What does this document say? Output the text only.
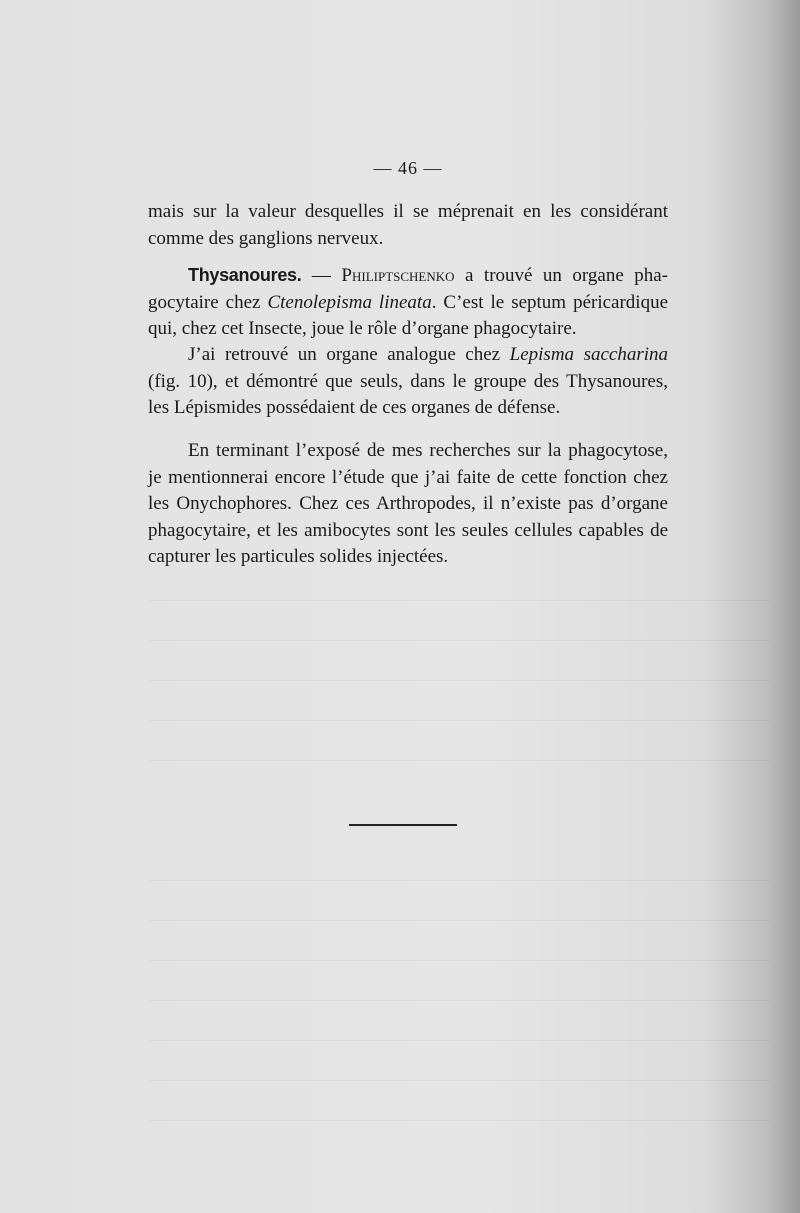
— 46 —
mais sur la valeur desquelles il se méprenait en les considérant
comme des ganglions nerveux.
Thysanoures. — Philiptschenko a trouvé un organe pha-
gocytaire chez Ctenolepisma lineata. C’est le septum péricardique
qui, chez cet Insecte, joue le rôle d’organe phagocytaire.
J’ai retrouvé un organe analogue chez Lepisma saccharina
(fig. 10), et démontré que seuls, dans le groupe des Thysanoures,
les Lépismides possédaient de ces organes de défense.
En terminant l’exposé de mes recherches sur la phagocytose,
je mentionnerai encore l’étude que j’ai faite de cette fonction chez
les Onychophores. Chez ces Arthropodes, il n’existe pas d’organe
phagocytaire, et les amibocytes sont les seules cellules capables de
capturer les particules solides injectées.
